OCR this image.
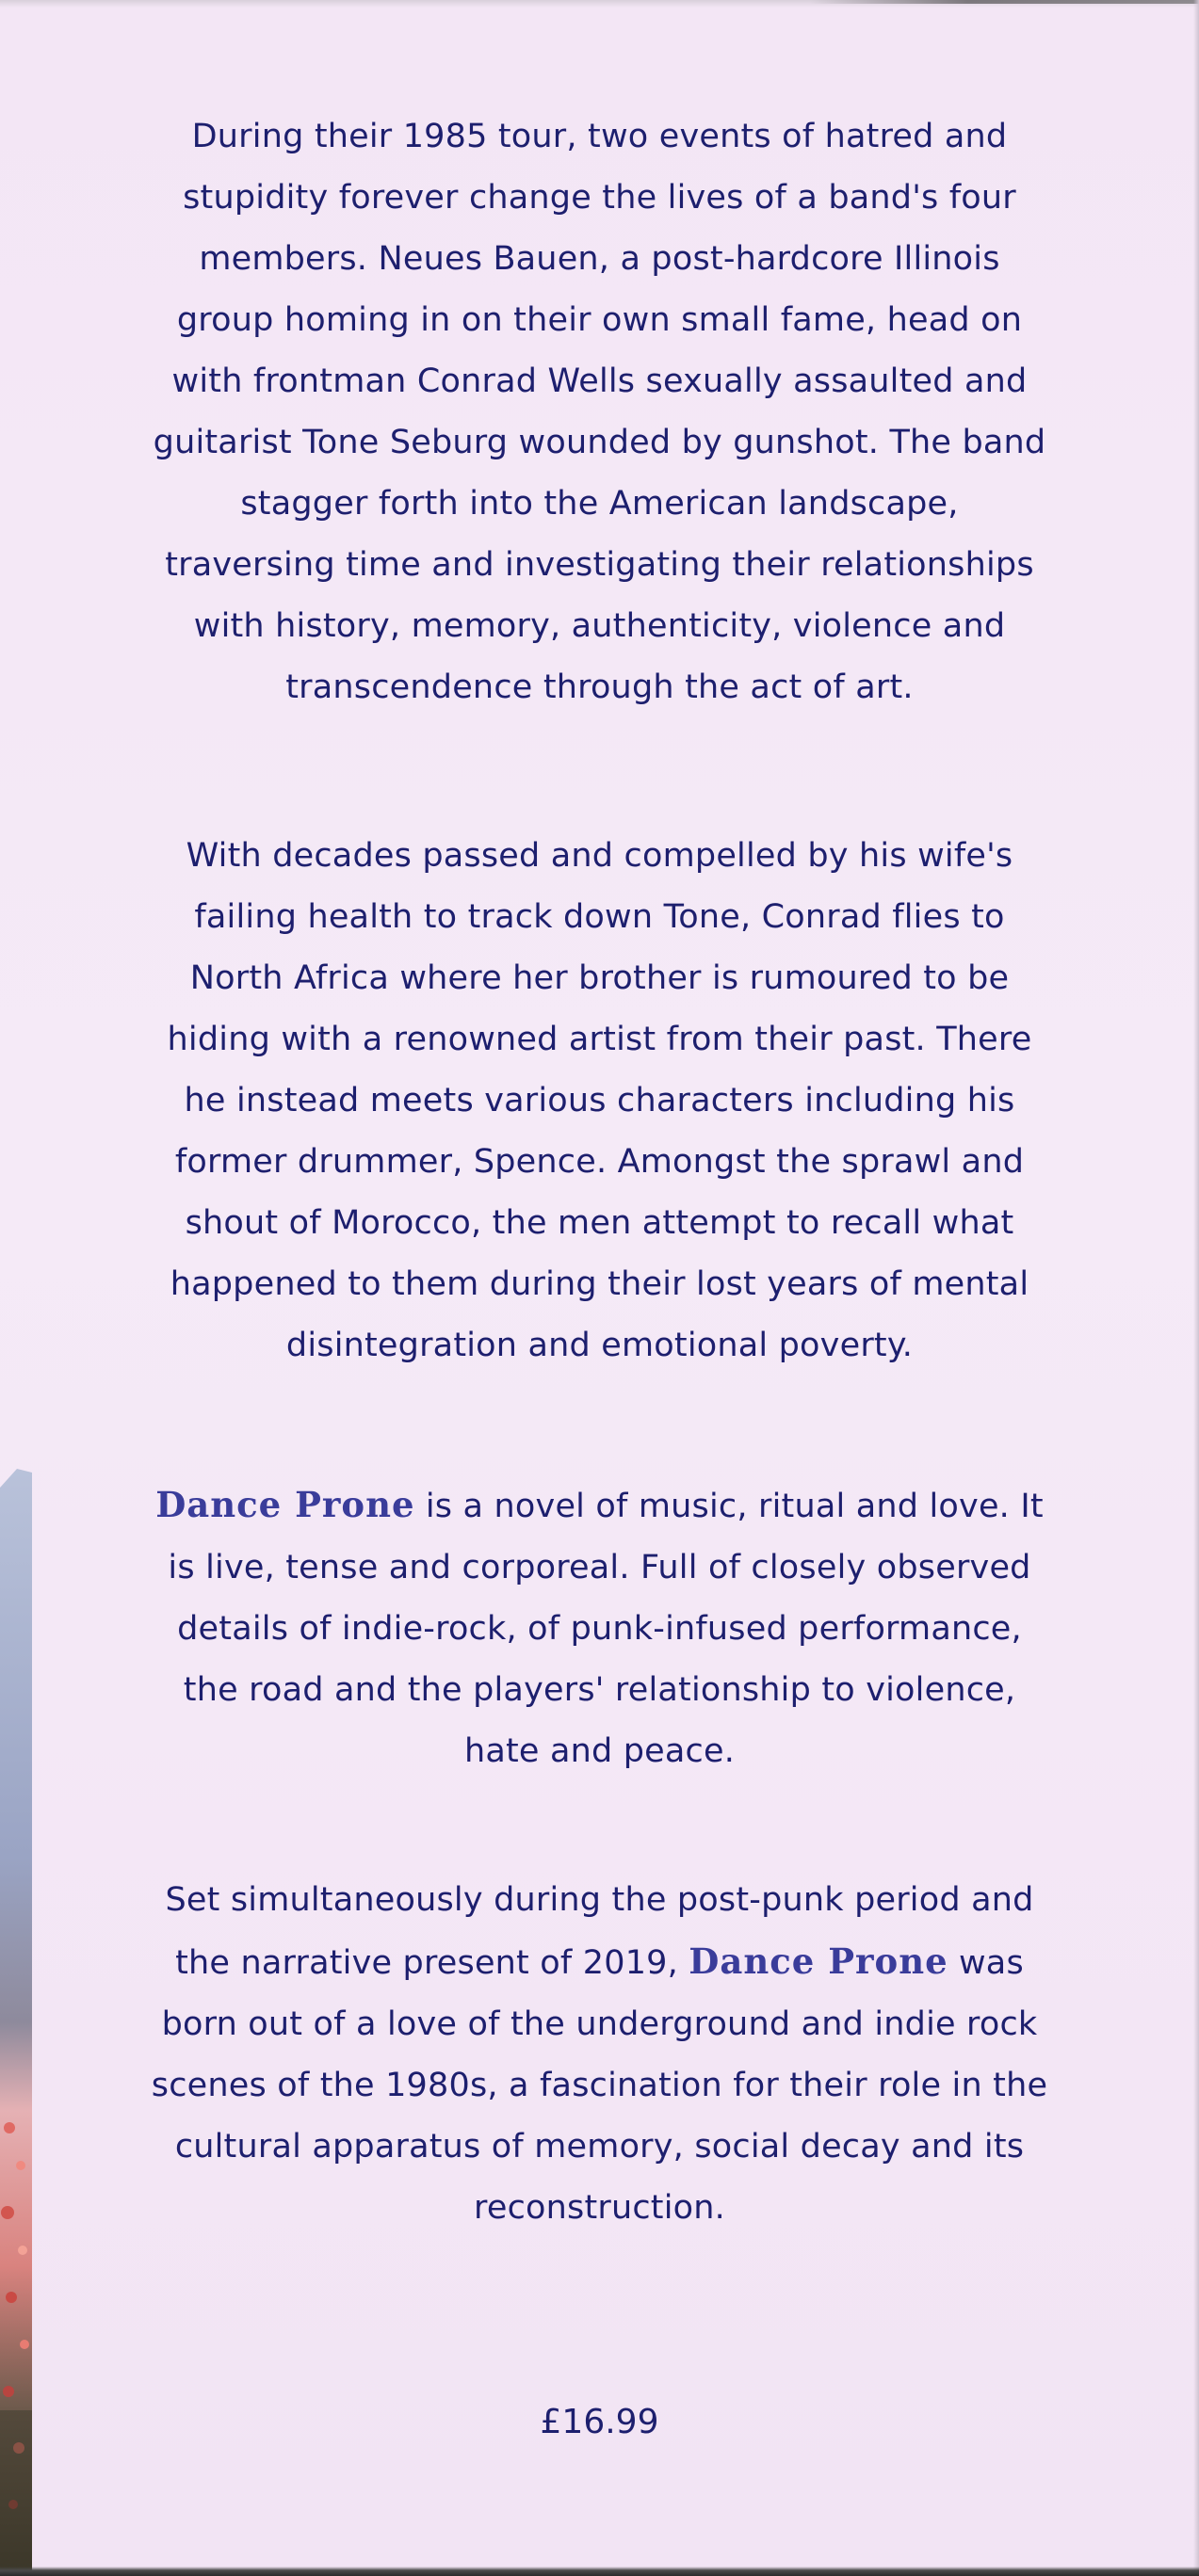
During their 1985 tour, two events of hatred and stupidity forever change the lives of a band's four members. Neues Bauen, a post-hardcore Illinois group homing in on their own small fame, head on with frontman Conrad Wells sexually assaulted and guitarist Tone Seburg wounded by gunshot. The band stagger forth into the American landscape, traversing time and investigating their relationships with history, memory, authenticity, violence and transcendence through the act of art.

With decades passed and compelled by his wife's failing health to track down Tone, Conrad flies to North Africa where her brother is rumoured to be hiding with a renowned artist from their past. There he instead meets various characters including his former drummer, Spence. Amongst the sprawl and shout of Morocco, the men attempt to recall what happened to them during their lost years of mental disintegration and emotional poverty.

Dance Prone is a novel of music, ritual and love. It is live, tense and corporeal. Full of closely observed details of indie-rock, of punk-infused performance, the road and the players' relationship to violence, hate and peace.

Set simultaneously during the post-punk period and the narrative present of 2019, Dance Prone was born out of a love of the underground and indie rock scenes of the 1980s, a fascination for their role in the cultural apparatus of memory, social decay and its reconstruction.

£16.99
